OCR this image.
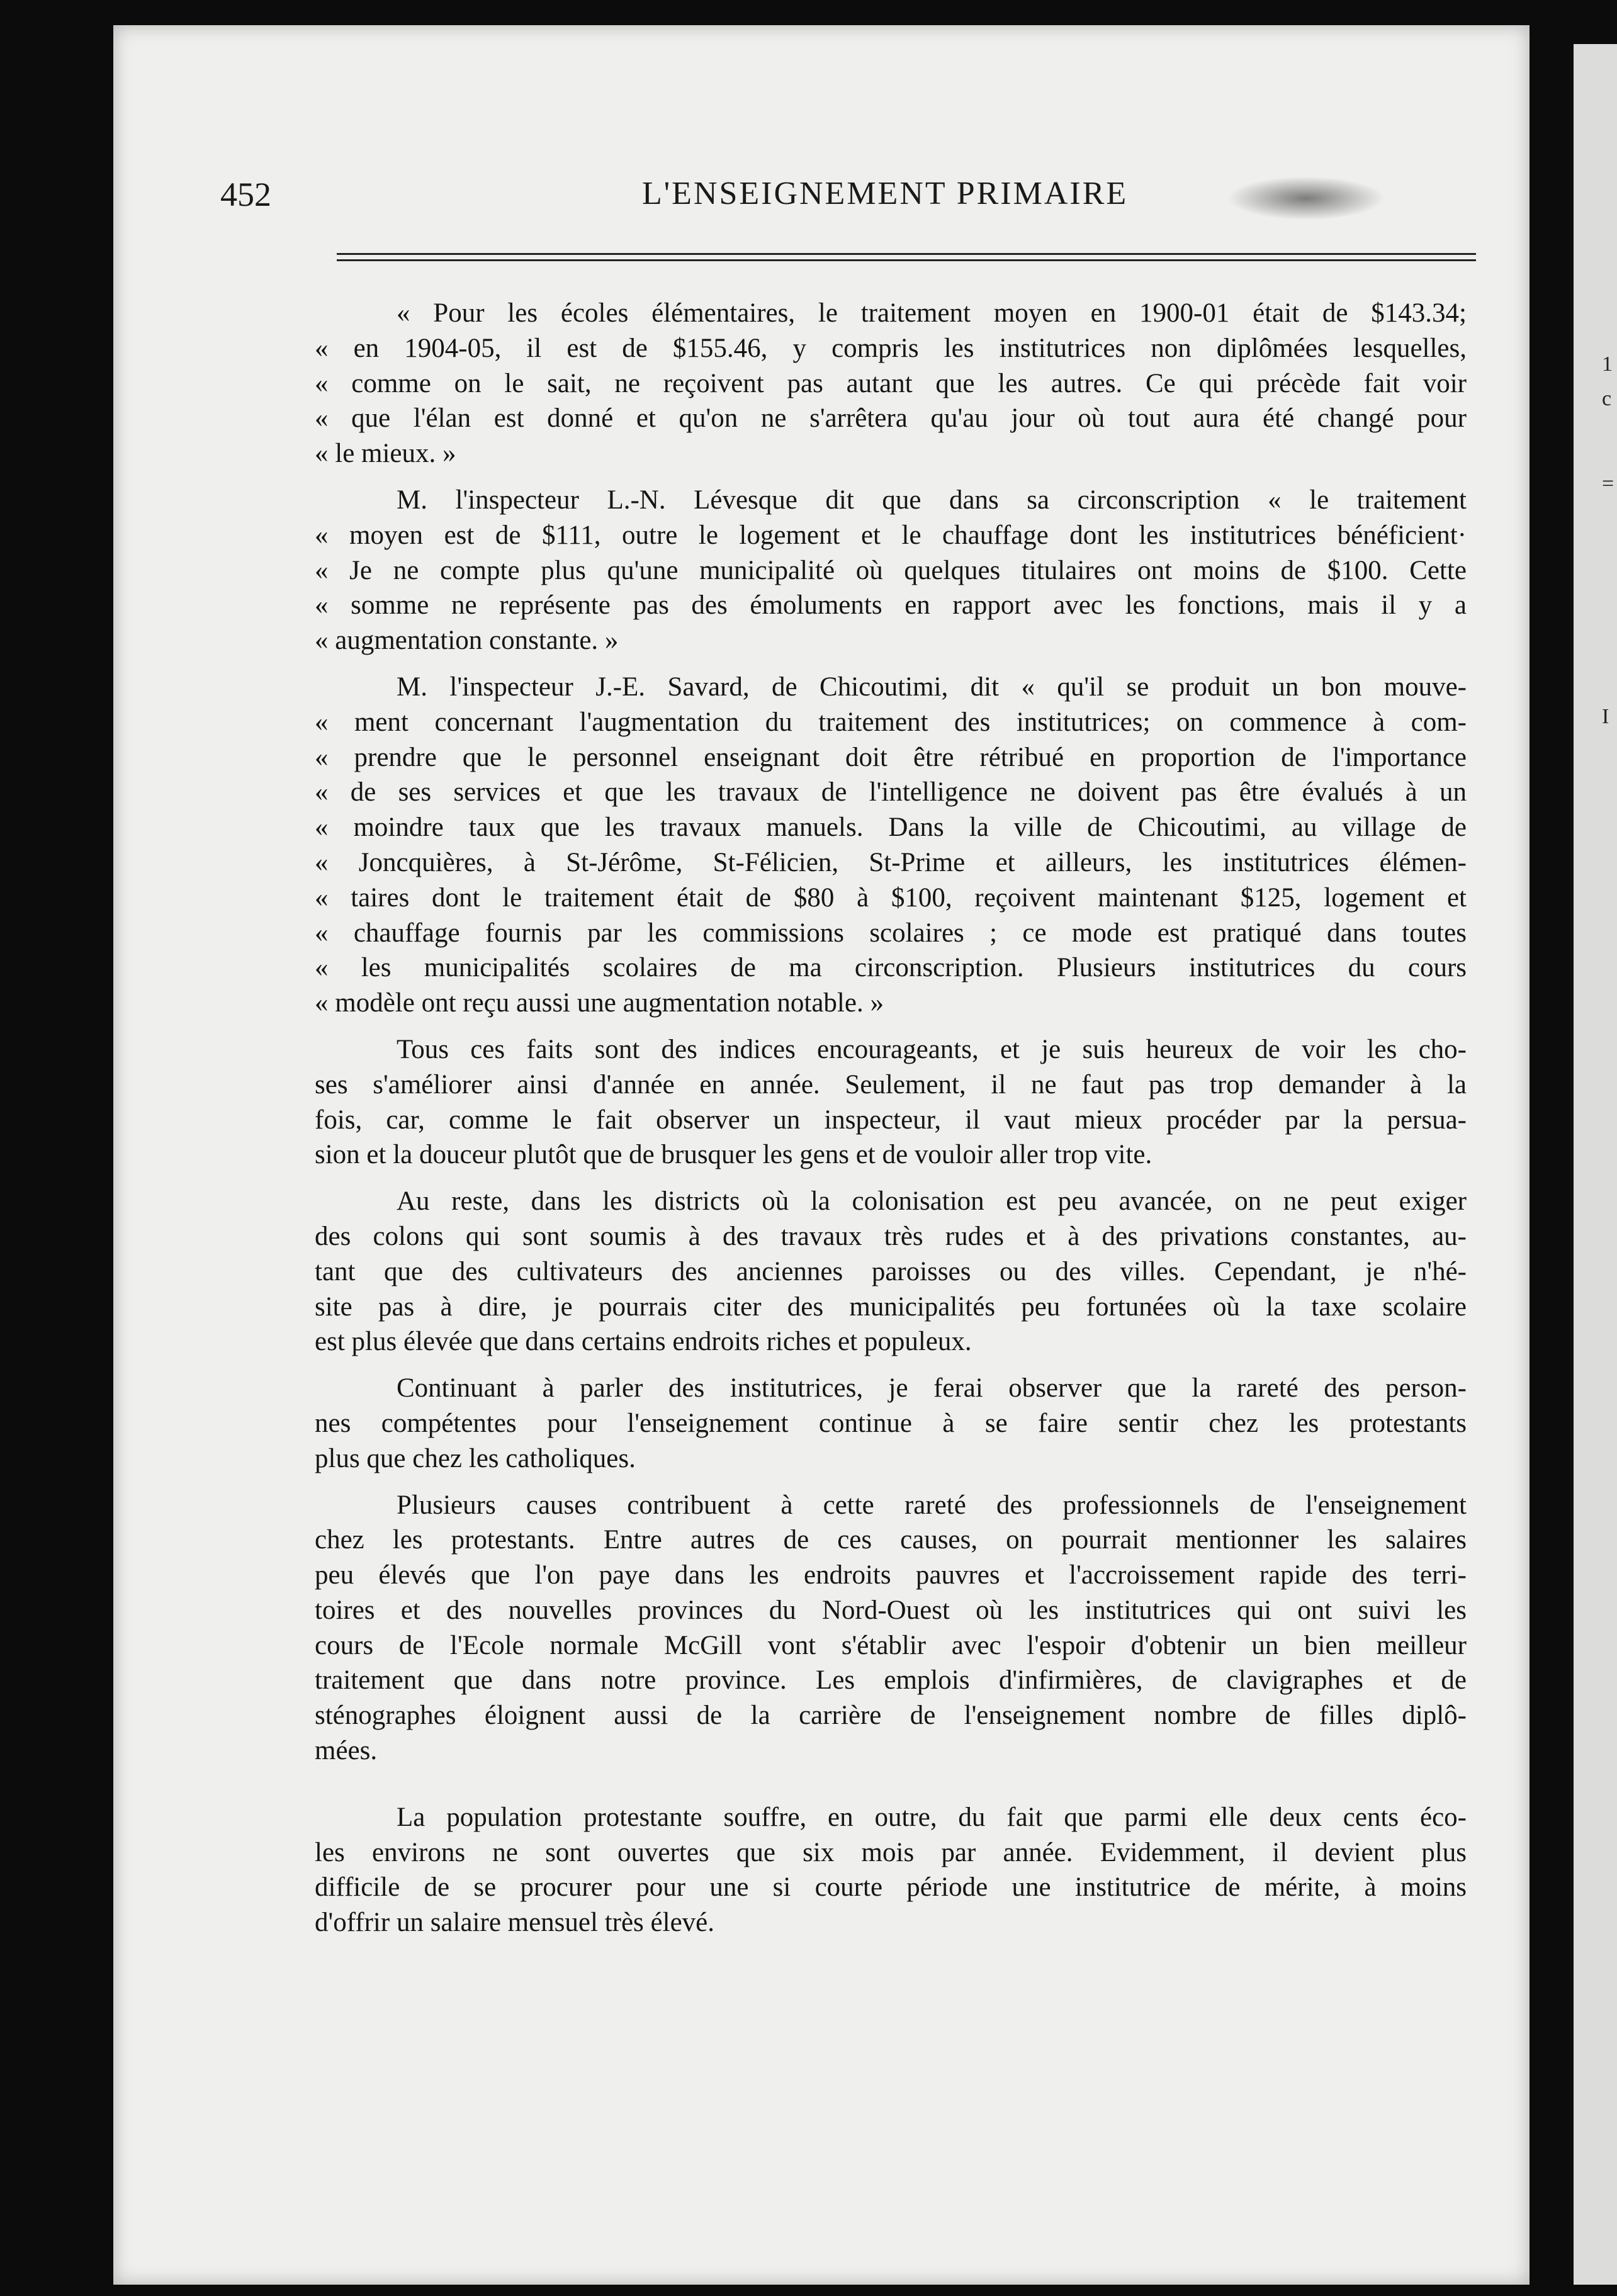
1
c
=
I
452	L'ENSEIGNEMENT PRIMAIRE

« Pour les écoles élémentaires, le traitement moyen en 1900-01 était de $143.34;
« en 1904-05, il est de $155.46, y compris les institutrices non diplômées lesquelles,
« comme on le sait, ne reçoivent pas autant que les autres. Ce qui précède fait voir
« que l'élan est donné et qu'on ne s'arrêtera qu'au jour où tout aura été changé pour
« le mieux. »

M. l'inspecteur L.-N. Lévesque dit que dans sa circonscription « le traitement
« moyen est de $111, outre le logement et le chauffage dont les institutrices bénéficient·
« Je ne compte plus qu'une municipalité où quelques titulaires ont moins de $100. Cette
« somme ne représente pas des émoluments en rapport avec les fonctions, mais il y a
« augmentation constante. »

M. l'inspecteur J.-E. Savard, de Chicoutimi, dit « qu'il se produit un bon mouve-
« ment concernant l'augmentation du traitement des institutrices; on commence à com-
« prendre que le personnel enseignant doit être rétribué en proportion de l'importance
« de ses services et que les travaux de l'intelligence ne doivent pas être évalués à un
« moindre taux que les travaux manuels. Dans la ville de Chicoutimi, au village de
« Joncquières, à St-Jérôme, St-Félicien, St-Prime et ailleurs, les institutrices élémen-
« taires dont le traitement était de $80 à $100, reçoivent maintenant $125, logement et
« chauffage fournis par les commissions scolaires ; ce mode est pratiqué dans toutes
« les municipalités scolaires de ma circonscription. Plusieurs institutrices du cours
« modèle ont reçu aussi une augmentation notable. »

Tous ces faits sont des indices encourageants, et je suis heureux de voir les cho-
ses s'améliorer ainsi d'année en année. Seulement, il ne faut pas trop demander à la
fois, car, comme le fait observer un inspecteur, il vaut mieux procéder par la persua-
sion et la douceur plutôt que de brusquer les gens et de vouloir aller trop vite.

Au reste, dans les districts où la colonisation est peu avancée, on ne peut exiger
des colons qui sont soumis à des travaux très rudes et à des privations constantes, au-
tant que des cultivateurs des anciennes paroisses ou des villes. Cependant, je n'hé-
site pas à dire, je pourrais citer des municipalités peu fortunées où la taxe scolaire
est plus élevée que dans certains endroits riches et populeux.

Continuant à parler des institutrices, je ferai observer que la rareté des person-
nes compétentes pour l'enseignement continue à se faire sentir chez les protestants
plus que chez les catholiques.

Plusieurs causes contribuent à cette rareté des professionnels de l'enseignement
chez les protestants. Entre autres de ces causes, on pourrait mentionner les salaires
peu élevés que l'on paye dans les endroits pauvres et l'accroissement rapide des terri-
toires et des nouvelles provinces du Nord-Ouest où les institutrices qui ont suivi les
cours de l'Ecole normale McGill vont s'établir avec l'espoir d'obtenir un bien meilleur
traitement que dans notre province. Les emplois d'infirmières, de clavigraphes et de
sténographes éloignent aussi de la carrière de l'enseignement nombre de filles diplô-
mées.

La population protestante souffre, en outre, du fait que parmi elle deux cents éco-
les environs ne sont ouvertes que six mois par année. Evidemment, il devient plus
difficile de se procurer pour une si courte période une institutrice de mérite, à moins
d'offrir un salaire mensuel très élevé.
